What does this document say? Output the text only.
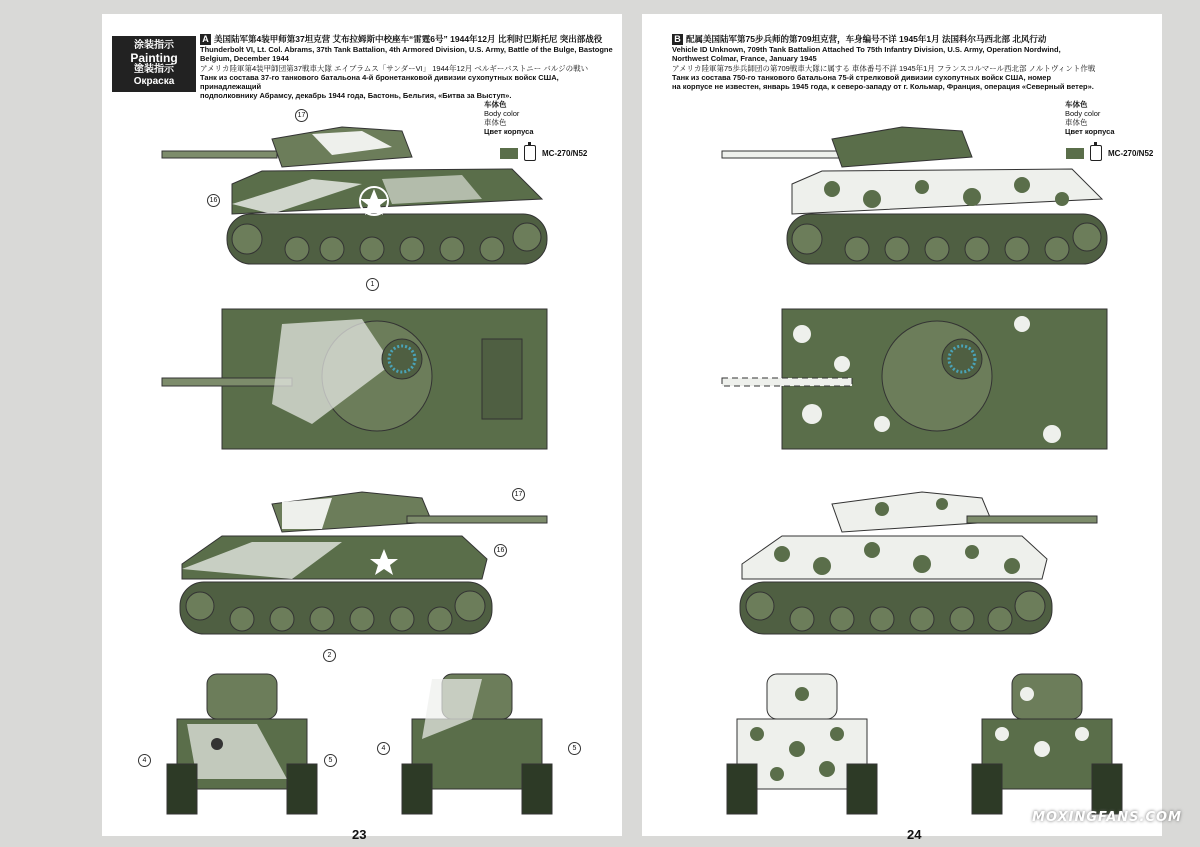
涂装指示
Painting
塗装指示
Окраска
A 美国陆军第4装甲师第37坦克营 艾布拉姆斯中校座车“雷霆6号” 1944年12月 比利时巴斯托尼 突出部战役
Thunderbolt VI, Lt. Col. Abrams, 37th Tank Battalion, 4th Armored Division, U.S. Army, Battle of the Bulge, Bastogne
Belgium, December 1944
アメリカ陸軍第4装甲師団第37戦車大隊 エイブラムス「サンダーVI」 1944年12月 ベルギーバストニー バルジの戦い
Танк из состава 37-го танкового батальона 4-й бронетанковой дивизии сухопутных войск США, принадлежащий
подполковнику Абрамсу, декабрь 1944 года, Бастонь, Бельгия, «Битва за Выступ».
车体色
Body color
車体色
Цвет корпуса
MC-270/N52
17
16
1
17
16
2
4	5
4	5
23
B 配属美国陆军第75步兵师的第709坦克营，车身编号不详 1945年1月 法国科尔马西北部 北风行动
Vehicle ID Unknown, 709th Tank Battalion Attached To 75th Infantry Division, U.S. Army, Operation Nordwind,
Northwest Colmar, France, January 1945
アメリカ陸軍第75歩兵師団の第709戦車大隊に属する 車体番号不詳 1945年1月 フランスコルマール西北部 ノルトヴィント作戦
Танк из состава 750-го танкового батальона 75-й стрелковой дивизии сухопутных войск США, номер
на корпусе не известен, январь 1945 года, к северо-западу от г. Кольмар, Франция, операция «Северный ветер».
车体色
Body color
車体色
Цвет корпуса
MC-270/N52
24
MOXINGFANS.COM
